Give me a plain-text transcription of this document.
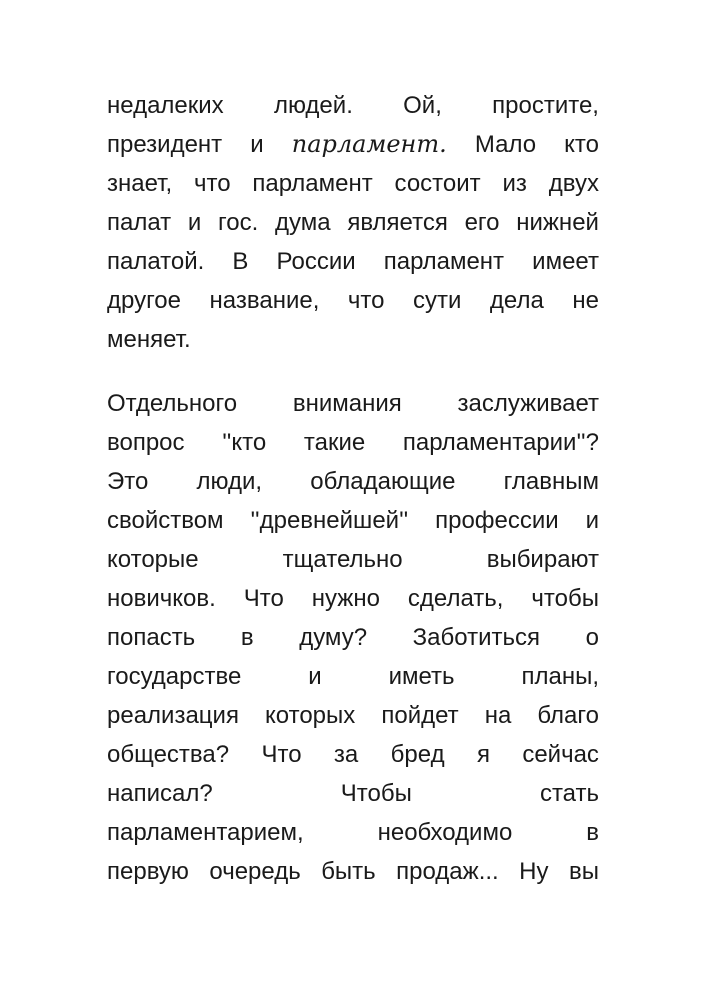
недалеких людей. Ой, простите,
президент и парламент. Мало кто
знает, что парламент состоит из двух
палат и гос. дума является его нижней
палатой. В России парламент имеет
другое название, что сути дела не
меняет.
Отдельного внимания заслуживает
вопрос ''кто такие парламентарии''?
Это люди, обладающие главным
свойством ''древнейшей'' профессии и
которые	тщательно	выбирают
новичков. Что нужно сделать, чтобы
попасть в думу? Заботиться о
государстве	и	иметь	планы,
реализация которых пойдет на благо
общества? Что за бред я сейчас
написал?	Чтобы	стать
парламентарием,	необходимо	в
первую очередь быть продаж... Ну вы
